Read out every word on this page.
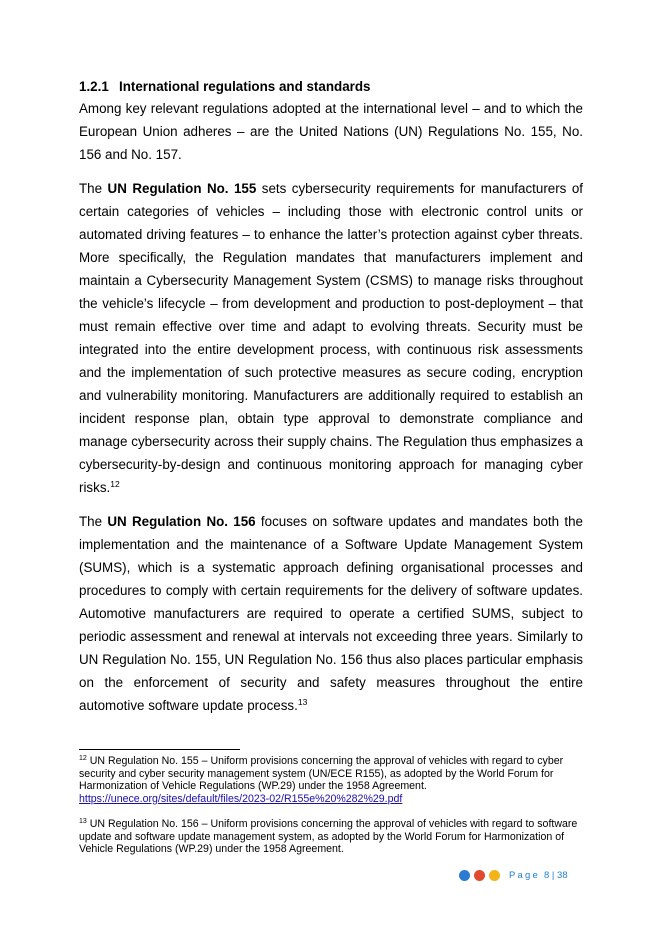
1.2.1 International regulations and standards

Among key relevant regulations adopted at the international level – and to which the European Union adheres – are the United Nations (UN) Regulations No. 155, No. 156 and No. 157.

The UN Regulation No. 155 sets cybersecurity requirements for manufacturers of certain categories of vehicles – including those with electronic control units or automated driving features – to enhance the latter’s protection against cyber threats. More specifically, the Regulation mandates that manufacturers implement and maintain a Cybersecurity Management System (CSMS) to manage risks throughout the vehicle’s lifecycle – from development and production to post-deployment – that must remain effective over time and adapt to evolving threats. Security must be integrated into the entire development process, with continuous risk assessments and the implementation of such protective measures as secure coding, encryption and vulnerability monitoring. Manufacturers are additionally required to establish an incident response plan, obtain type approval to demonstrate compliance and manage cybersecurity across their supply chains. The Regulation thus emphasizes a cybersecurity-by-design and continuous monitoring approach for managing cyber risks.$^{12}$

The UN Regulation No. 156 focuses on software updates and mandates both the implementation and the maintenance of a Software Update Management System (SUMS), which is a systematic approach defining organisational processes and procedures to comply with certain requirements for the delivery of software updates. Automotive manufacturers are required to operate a certified SUMS, subject to periodic assessment and renewal at intervals not exceeding three years. Similarly to UN Regulation No. 155, UN Regulation No. 156 thus also places particular emphasis on the enforcement of security and safety measures throughout the entire automotive software update process.$^{13}$

$^{12}$ UN Regulation No. 155 – Uniform provisions concerning the approval of vehicles with regard to cyber security and cyber security management system (UN/ECE R155), as adopted by the World Forum for Harmonization of Vehicle Regulations (WP.29) under the 1958 Agreement.
https://unece.org/sites/default/files/2023-02/R155e%20%282%29.pdf

$^{13}$ UN Regulation No. 156 – Uniform provisions concerning the approval of vehicles with regard to software update and software update management system, as adopted by the World Forum for Harmonization of Vehicle Regulations (WP.29) under the 1958 Agreement.

Page 8 | 38
